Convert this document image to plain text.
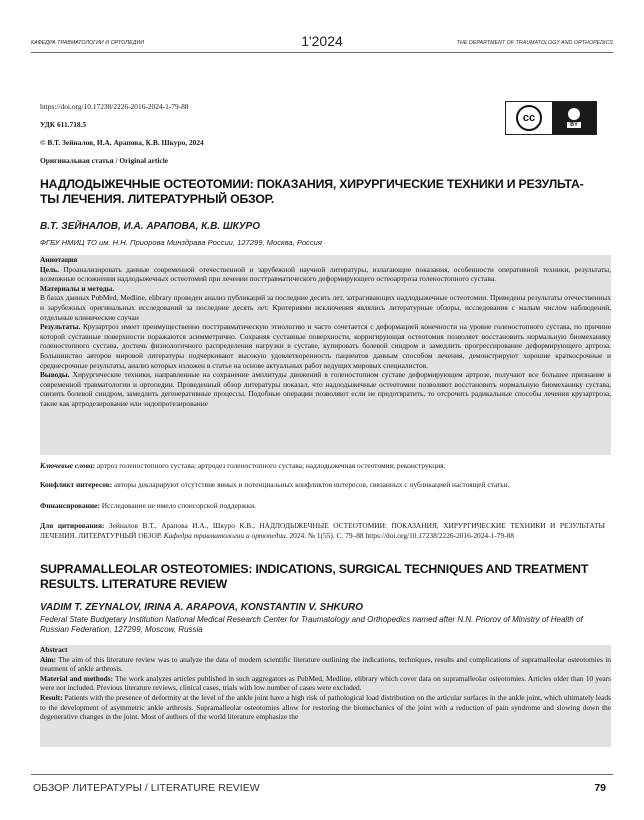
КАФЕДРА ТРАВМАТОЛОГИИ И ОРТОПЕДИИ	1'2024	THE DEPARTMENT OF TRAUMATOLOGY AND ORTHOPEDICS
https://doi.org/10.17238/2226-2016-2024-1-79-88
УДК 611.718.5
© В.Т. Зейналов, И.А. Арапова, К.В. Шкуро, 2024
Оригинальная статья / Original article
cc
BY
НАДЛОДЫЖЕЧНЫЕ ОСТЕОТОМИИ: ПОКАЗАНИЯ, ХИРУРГИЧЕСКИЕ ТЕХНИКИ И РЕЗУЛЬТА-ТЫ ЛЕЧЕНИЯ. ЛИТЕРАТУРНЫЙ ОБЗОР.
В.Т. ЗЕЙНАЛОВ, И.А. АРАПОВА, К.В. ШКУРО
ФГБУ НМИЦ ТО им. Н.Н. Приорова Минздрава России, 127299, Москва, Россия

Аннотация

Цель. Проанализировать данные современной отечественной и зарубежной научной литературы, излагающие показания, особенности оперативной техники, результаты, возможные осложнения надлодыжечных остеотомий при лечении посттравматического деформирующего остеоартроза голеностопного сустава.

Материалы и методы.

В базах данных PubMed, Medline, elibrary проведен анализ публикаций за последние десять лет, затрагивающих надлодыжечные остеотомии. Приведены результаты отечественных и зарубежных оригинальных исследований за последние десять лет. Критериями исключения являлись литературные обзоры, исследования с малым числом наблюдений, отдельные клинические случаи

Результаты. Крузартроз имеет преимущественно посттравматическую этиологию и часто сочетается с деформацией конечности на уровне голеностопного сустава, по причине которой суставные поверхности поражаются асимметрично. Сохраняя суставные поверхности, корригирующая остеотомия позволяет восстановить нормальную биомеханику голеностопного сустава, достичь физиологичного распределения нагрузки в суставе, купировать болевой синдром и замедлить прогрессирование деформирующего артроза. Большинство авторов мировой литературы подчеркивают высокую удовлетворенность пациентов данным способом лечения, демонстрируют хорошие краткосрочные и среднесрочные результаты, анализ которых изложен в статье на основе актуальных работ ведущих мировых специалистов.

Выводы. Хирургические техники, направленные на сохранение амплитуды движений в голеностопном суставе деформирующем артрозе, получают все большее признание в современной травматологии и ортопедии. Проведенный обзор литературы показал, что надлодыжечные остеотомии позволяют восстановить нормальную биомеханику сустава, снизить болевой синдром, замедлить дегенеративные процессы. Подобные операции позволяют если не предотвратить, то отсрочить радикальные способы лечения крузартроза, такие как артродезирование или эндопротезирование

Ключевые слова: артроз голеностопного сустава; артродез голеностопного сустава; надлодыжечная остеотомия; реконструкция.
Конфликт интересов: авторы декларируют отсутствие явных и потенциальных конфликтов интересов, связанных с публикацией настоящей статьи.
Финансирование: Исследование не имело спонсорской поддержки.
Для цитирования: Зейналов В.Т., Арапова И.А., Шкуро К.В., НАДЛОДЫЖЕЧНЫЕ ОСТЕОТОМИИ: ПОКАЗАНИЯ, ХИРУРГИЧЕСКИЕ ТЕХНИКИ И РЕЗУЛЬТАТЫ ЛЕЧЕНИЯ. ЛИТЕРАТУРНЫЙ ОБЗОР. Кафедра травматологии и ортопедии. 2024. № 1(55). С. 79–88 https://doi.org/10.17238/2226-2016-2024-1-79-88
SUPRAMALLEOLAR OSTEOTOMIES: INDICATIONS, SURGICAL TECHNIQUES AND TREATMENT RESULTS. LITERATURE REVIEW
VADIM T. ZEYNALOV, IRINA A. ARAPOVA, KONSTANTIN V. SHKURO
Federal State Budgetary Institution National Medical Research Center for Traumatology and Orthopedics named after N.N. Priorov of Ministry of Health of Russian Federation, 127299, Moscow, Russia

Abstract

Aim: The aim of this literature review was to analyze the data of modern scientific literature outlining the indications, techniques, results and complications of supramalleolar osteotomies in treatment of ankle arthrosis.

Material and methods: The work analyzes articles published in such aggregators as PubMed, Medline, elibrary which cover data on supramalleolar osteotomies. Articles older than 10 years were not included. Previous literature reviews, clinical cases, trials with low number of cases were excluded.

Result: Patients with the presence of deformity at the level of the ankle joint have a high risk of pathological load distribution on the articular surfaces in the ankle joint, which ultimately leads to the development of asymmetric ankle arthrosis. Supramalleolar osteotomies allow for restoring the biomechanics of the joint with a reduction of pain syndrome and slowing down the degenerative changes in the joint. Most of authors of the world literature emphasize the

ОБЗОР ЛИТЕРАТУРЫ / LITERATURE REVIEW	79
